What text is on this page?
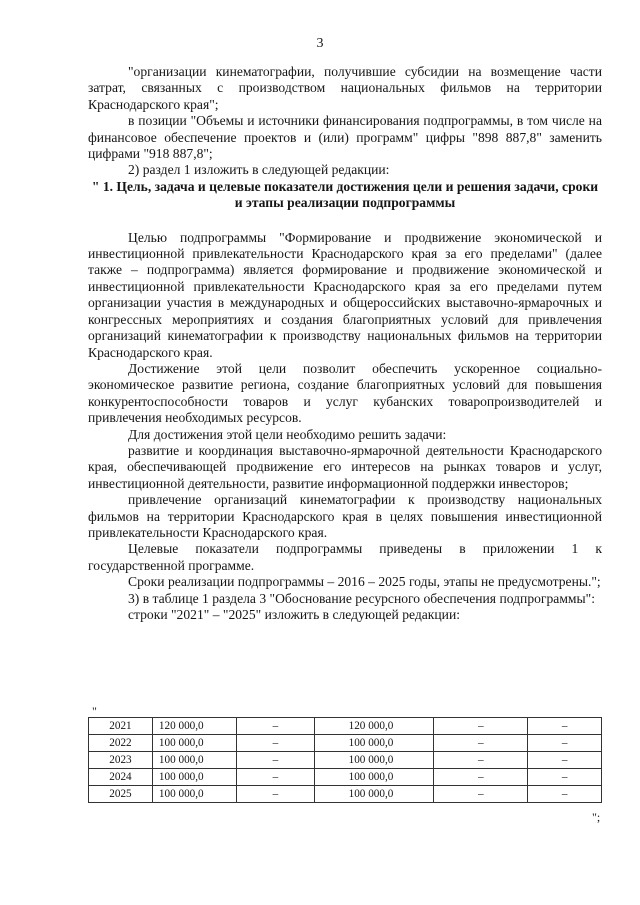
3

"организации кинематографии, получившие субсидии на возмещение части затрат, связанных с производством национальных фильмов на территории Краснодарского края";

в позиции "Объемы и источники финансирования подпрограммы, в том числе на финансовое обеспечение проектов и (или) программ" цифры "898 887,8" заменить цифрами "918 887,8";

2) раздел 1 изложить в следующей редакции:

" 1. Цель, задача и целевые показатели достижения цели и решения задачи, сроки и этапы реализации подпрограммы

Целью подпрограммы "Формирование и продвижение экономической и инвестиционной привлекательности Краснодарского края за его пределами" (далее также – подпрограмма) является формирование и продвижение экономической и инвестиционной привлекательности Краснодарского края за его пределами путем организации участия в международных и общероссийских выставочно-ярмарочных и конгрессных мероприятиях и создания благоприятных условий для привлечения организаций кинематографии к производству национальных фильмов на территории Краснодарского края.

Достижение этой цели позволит обеспечить ускоренное социально-экономическое развитие региона, создание благоприятных условий для повышения конкурентоспособности товаров и услуг кубанских товаропроизводителей и привлечения необходимых ресурсов.

Для достижения этой цели необходимо решить задачи:

развитие и координация выставочно-ярмарочной деятельности Краснодарского края, обеспечивающей продвижение его интересов на рынках товаров и услуг, инвестиционной деятельности, развитие информационной поддержки инвесторов;

привлечение организаций кинематографии к производству национальных фильмов на территории Краснодарского края в целях повышения инвестиционной привлекательности Краснодарского края.

Целевые показатели подпрограммы приведены в приложении 1 к государственной программе.

Сроки реализации подпрограммы – 2016 – 2025 годы, этапы не предусмотрены.";

3) в таблице 1 раздела 3 "Обоснование ресурсного обеспечения подпрограммы":

строки "2021" – "2025" изложить в следующей редакции:

"
2021	120 000,0	–	120 000,0	–	–
2022	100 000,0	–	100 000,0	–	–
2023	100 000,0	–	100 000,0	–	–
2024	100 000,0	–	100 000,0	–	–
2025	100 000,0	–	100 000,0	–	–
";
